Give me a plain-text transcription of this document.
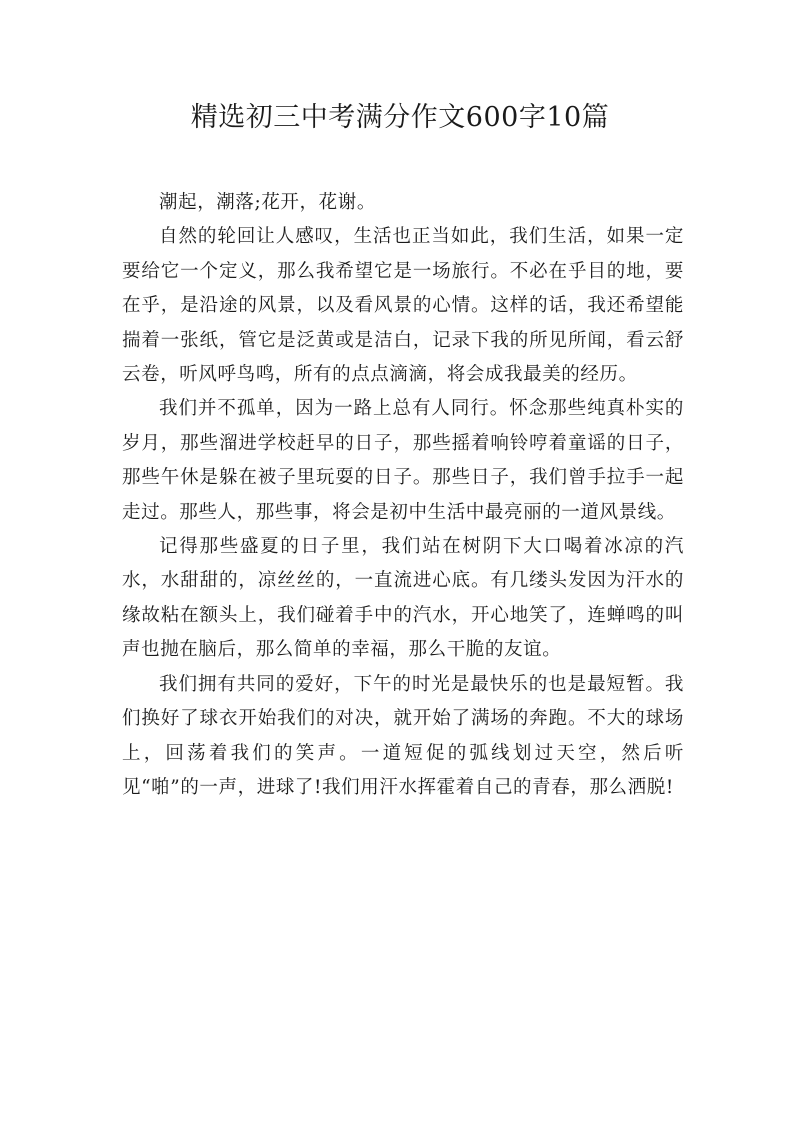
精选初三中考满分作文600字10篇

潮起，潮落;花开，花谢。

自然的轮回让人感叹，生活也正当如此，我们生活，如果一定要给它一个定义，那么我希望它是一场旅行。不必在乎目的地，要在乎，是沿途的风景，以及看风景的心情。这样的话，我还希望能揣着一张纸，管它是泛黄或是洁白，记录下我的所见所闻，看云舒云卷，听风呼鸟鸣，所有的点点滴滴，将会成我最美的经历。

我们并不孤单，因为一路上总有人同行。怀念那些纯真朴实的岁月，那些溜进学校赶早的日子，那些摇着响铃哼着童谣的日子，那些午休是躲在被子里玩耍的日子。那些日子，我们曾手拉手一起走过。那些人，那些事，将会是初中生活中最亮丽的一道风景线。

记得那些盛夏的日子里，我们站在树阴下大口喝着冰凉的汽水，水甜甜的，凉丝丝的，一直流进心底。有几缕头发因为汗水的缘故粘在额头上，我们碰着手中的汽水，开心地笑了，连蝉鸣的叫声也抛在脑后，那么简单的幸福，那么干脆的友谊。

我们拥有共同的爱好，下午的时光是最快乐的也是最短暂。我们换好了球衣开始我们的对决，就开始了满场的奔跑。不大的球场上，回荡着我们的笑声。一道短促的弧线划过天空，然后听见“啪”的一声，进球了!我们用汗水挥霍着自己的青春，那么洒脱!
